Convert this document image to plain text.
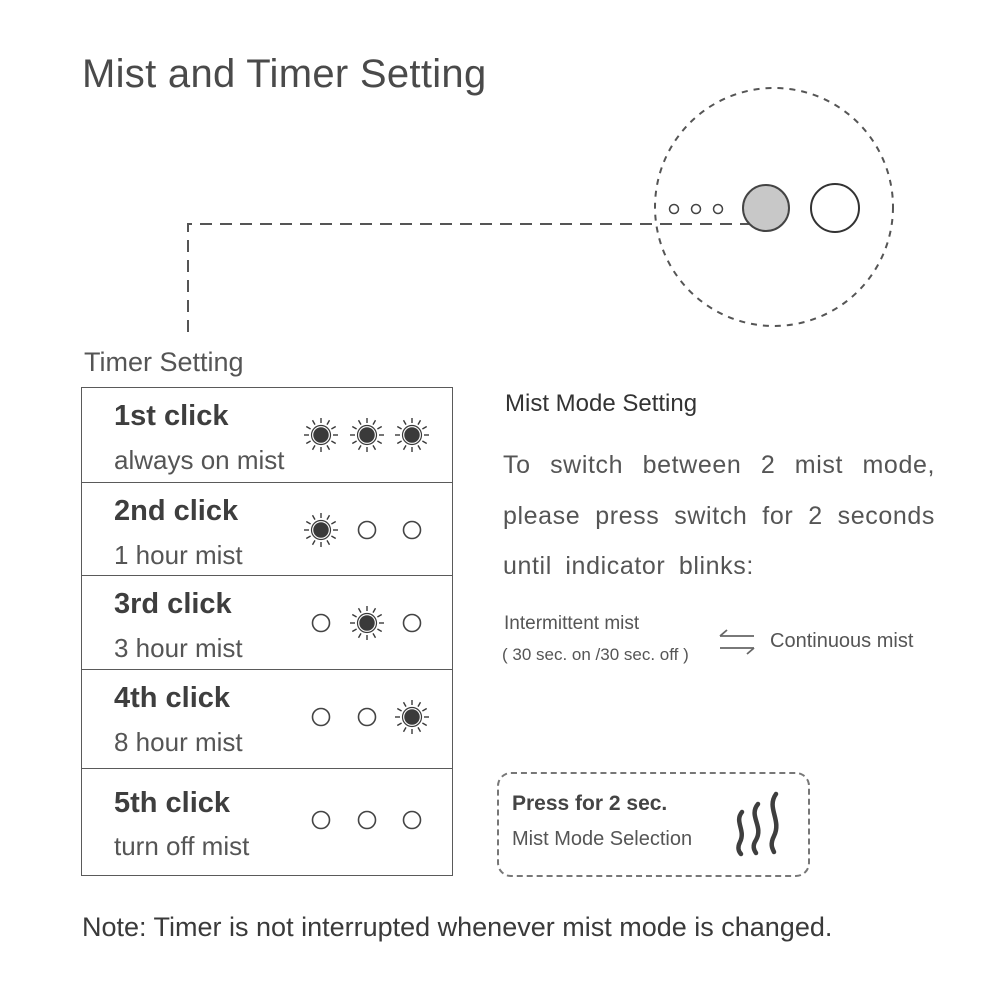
Mist and Timer Setting
Timer Setting
1st click
always on mist
2nd click
1 hour mist
3rd click
3 hour mist
4th click
8 hour mist
5th click
turn off mist
Mist Mode Setting
To switch between 2 mist mode, please press switch for 2 seconds until indicator blinks:
Intermittent mist
( 30 sec. on /30 sec. off )
Continuous mist
Press for 2 sec.
Mist Mode Selection
Note: Timer is not interrupted whenever mist mode is changed.
